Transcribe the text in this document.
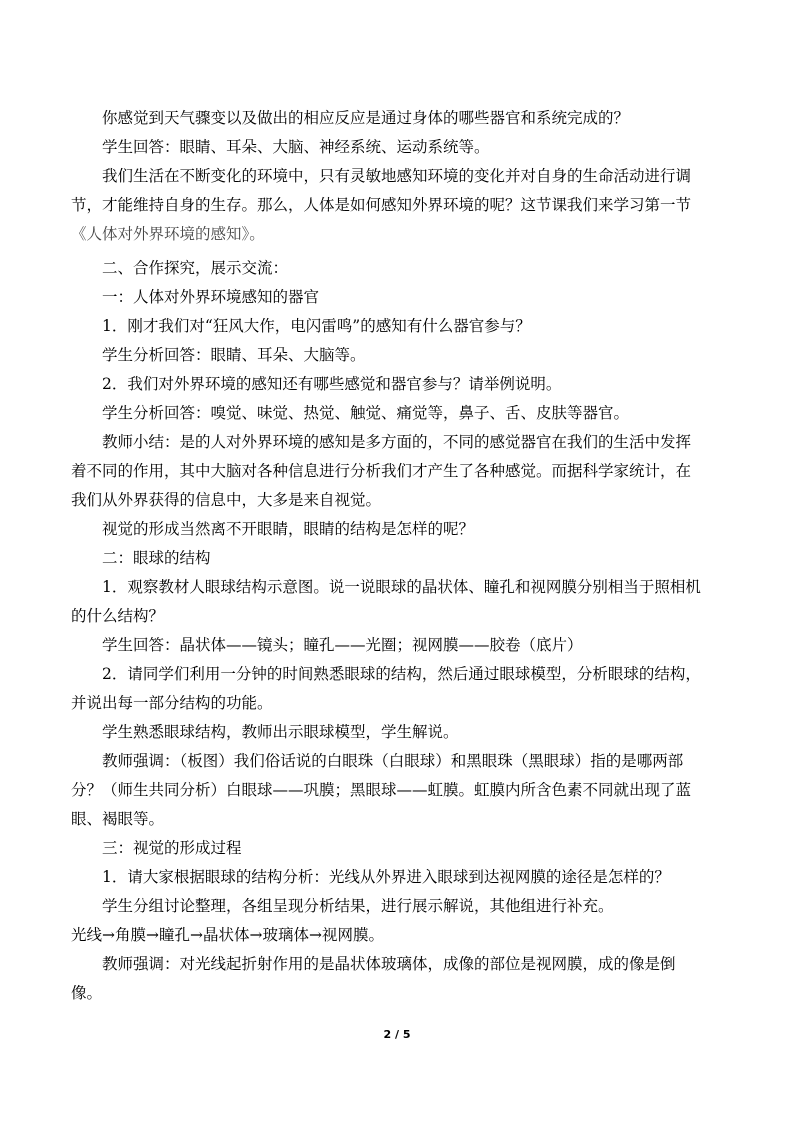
你感觉到天气骤变以及做出的相应反应是通过身体的哪些器官和系统完成的？
学生回答：眼睛、耳朵、大脑、神经系统、运动系统等。
我们生活在不断变化的环境中，只有灵敏地感知环境的变化并对自身的生命活动进行调
节，才能维持自身的生存。那么，人体是如何感知外界环境的呢？这节课我们来学习第一节
《人体对外界环境的感知》。
二、合作探究，展示交流：
一：人体对外界环境感知的器官
1．刚才我们对“狂风大作，电闪雷鸣”的感知有什么器官参与？
学生分析回答：眼睛、耳朵、大脑等。
2．我们对外界环境的感知还有哪些感觉和器官参与？请举例说明。
学生分析回答：嗅觉、味觉、热觉、触觉、痛觉等，鼻子、舌、皮肤等器官。
教师小结：是的人对外界环境的感知是多方面的，不同的感觉器官在我们的生活中发挥
着不同的作用，其中大脑对各种信息进行分析我们才产生了各种感觉。而据科学家统计，在
我们从外界获得的信息中，大多是来自视觉。
视觉的形成当然离不开眼睛，眼睛的结构是怎样的呢？
二：眼球的结构
1．观察教材人眼球结构示意图。说一说眼球的晶状体、瞳孔和视网膜分别相当于照相机
的什么结构？
学生回答：晶状体——镜头；瞳孔——光圈；视网膜——胶卷（底片）
2．请同学们利用一分钟的时间熟悉眼球的结构，然后通过眼球模型，分析眼球的结构，
并说出每一部分结构的功能。
学生熟悉眼球结构，教师出示眼球模型，学生解说。
教师强调：（板图）我们俗话说的白眼珠（白眼球）和黑眼珠（黑眼球）指的是哪两部
分？（师生共同分析）白眼球——巩膜；黑眼球——虹膜。虹膜内所含色素不同就出现了蓝
眼、褐眼等。
三：视觉的形成过程
1．请大家根据眼球的结构分析：光线从外界进入眼球到达视网膜的途径是怎样的？
学生分组讨论整理，各组呈现分析结果，进行展示解说，其他组进行补充。
光线→角膜→瞳孔→晶状体→玻璃体→视网膜。
教师强调：对光线起折射作用的是晶状体玻璃体，成像的部位是视网膜，成的像是倒
像。
2 / 5
